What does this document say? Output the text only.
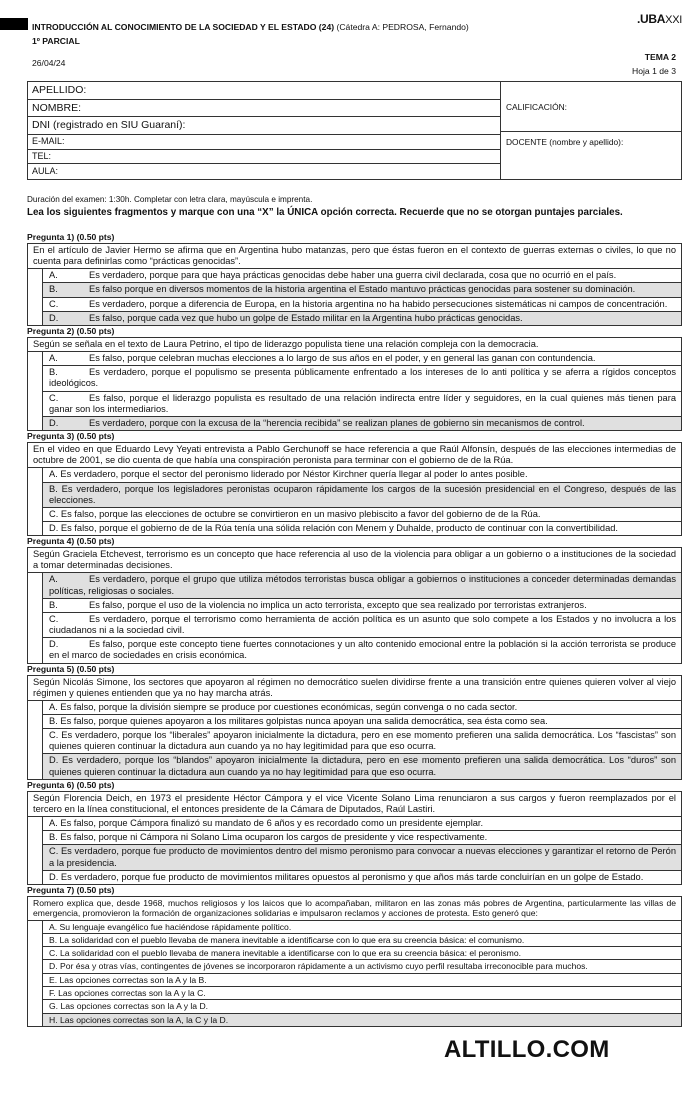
INTRODUCCIÓN AL CONOCIMIENTO DE LA SOCIEDAD Y EL ESTADO (24) (Cátedra A: PEDROSA, Fernando)
1º PARCIAL
26/04/24
.UBAXXI
TEMA 2
Hoja 1 de 3
APELLIDO:
NOMBRE:
DNI (registrado en SIU Guaraní):
E-MAIL:
TEL:
AULA:
CALIFICACIÓN:
DOCENTE (nombre y apellido):
Duración del examen: 1:30h. Completar con letra clara, mayúscula e imprenta.
Lea los siguientes fragmentos y marque con una “X” la ÚNICA opción correcta. Recuerde que no se otorgan puntajes parciales.
Pregunta 1) (0.50 pts)
En el artículo de Javier Hermo se afirma que en Argentina hubo matanzas, pero que éstas fueron en el contexto de guerras externas o civiles, lo que no cuenta para definirlas como “prácticas genocidas”.
A.	Es verdadero, porque para que haya prácticas genocidas debe haber una guerra civil declarada, cosa que no ocurrió en el país.
B.	Es falso porque en diversos momentos de la historia argentina el Estado mantuvo prácticas genocidas para sostener su dominación.
C.	Es verdadero, porque a diferencia de Europa, en la historia argentina no ha habido persecuciones sistemáticas ni campos de concentración.
D.	Es falso, porque cada vez que hubo un golpe de Estado militar en la Argentina hubo prácticas genocidas.
Pregunta 2) (0.50 pts)
Según se señala en el texto de Laura Petrino, el tipo de liderazgo populista tiene una relación compleja con la democracia.
A.	Es falso, porque celebran muchas elecciones a lo largo de sus años en el poder, y en general las ganan con contundencia.
B.	Es verdadero, porque el populismo se presenta públicamente enfrentado a los intereses de lo anti política y se aferra a rígidos conceptos ideológicos.
C.	Es falso, porque el liderazgo populista es resultado de una relación indirecta entre líder y seguidores, en la cual quienes más tienen para ganar son los intermediarios.
D.	Es verdadero, porque con la excusa de la “herencia recibida” se realizan planes de gobierno sin mecanismos de control.
Pregunta 3) (0.50 pts)
En el video en que Eduardo Levy Yeyati entrevista a Pablo Gerchunoff se hace referencia a que Raúl Alfonsín, después de las elecciones intermedias de octubre de 2001, se dio cuenta de que había una conspiración peronista para terminar con el gobierno de de la Rúa.
A. Es verdadero, porque el sector del peronismo liderado por Néstor Kirchner quería llegar al poder lo antes posible.
B. Es verdadero, porque los legisladores peronistas ocuparon rápidamente los cargos de la sucesión presidencial en el Congreso, después de las elecciones.
C. Es falso, porque las elecciones de octubre se convirtieron en un masivo plebiscito a favor del gobierno de de la Rúa.
D. Es falso, porque el gobierno de de la Rúa tenía una sólida relación con Menem y Duhalde, producto de continuar con la convertibilidad.
Pregunta 4) (0.50 pts)
Según Graciela Etchevest, terrorismo es un concepto que hace referencia al uso de la violencia para obligar a un gobierno o a instituciones de la sociedad a tomar determinadas decisiones.
A.	Es verdadero, porque el grupo que utiliza métodos terroristas busca obligar a gobiernos o instituciones a conceder determinadas demandas políticas, religiosas o sociales.
B.	Es falso, porque el uso de la violencia no implica un acto terrorista, excepto que sea realizado por terroristas extranjeros.
C.	Es verdadero, porque el terrorismo como herramienta de acción política es un asunto que solo compete a los Estados y no involucra a los ciudadanos ni a la sociedad civil.
D.	Es falso, porque este concepto tiene fuertes connotaciones y un alto contenido emocional entre la población si la acción terrorista se produce en el marco de sociedades en crisis económica.
Pregunta 5) (0.50 pts)
Según Nicolás Simone, los sectores que apoyaron al régimen no democrático suelen dividirse frente a una transición entre quienes quieren volver al viejo régimen y quienes entienden que ya no hay marcha atrás.
A. Es falso, porque la división siempre se produce por cuestiones económicas, según convenga o no cada sector.
B. Es falso, porque quienes apoyaron a los militares golpistas nunca apoyan una salida democrática, sea ésta como sea.
C. Es verdadero, porque los “liberales” apoyaron inicialmente la dictadura, pero en ese momento prefieren una salida democrática. Los “fascistas” son quienes quieren continuar la dictadura aun cuando ya no hay legitimidad para que eso ocurra.
D. Es verdadero, porque los “blandos” apoyaron inicialmente la dictadura, pero en ese momento prefieren una salida democrática. Los “duros” son quienes quieren continuar la dictadura aun cuando ya no hay legitimidad para que eso ocurra.
Pregunta 6) (0.50 pts)
Según Florencia Deich, en 1973 el presidente Héctor Cámpora y el vice Vicente Solano Lima renunciaron a sus cargos y fueron reemplazados por el tercero en la línea constitucional, el entonces presidente de la Cámara de Diputados, Raúl Lastiri.
A. Es falso, porque Cámpora finalizó su mandato de 6 años y es recordado como un presidente ejemplar.
B. Es falso, porque ni Cámpora ni Solano Lima ocuparon los cargos de presidente y vice respectivamente.
C. Es verdadero, porque fue producto de movimientos dentro del mismo peronismo para convocar a nuevas elecciones y garantizar el retorno de Perón a la presidencia.
D. Es verdadero, porque fue producto de movimientos militares opuestos al peronismo y que años más tarde concluirían en un golpe de Estado.
Pregunta 7) (0.50 pts)
Romero explica que, desde 1968, muchos religiosos y los laicos que lo acompañaban, militaron en las zonas más pobres de Argentina, particularmente las villas de emergencia, promovieron la formación de organizaciones solidarias e impulsaron reclamos y acciones de protesta. Esto generó que:
A. Su lenguaje evangélico fue haciéndose rápidamente político.
B. La solidaridad con el pueblo llevaba de manera inevitable a identificarse con lo que era su creencia básica: el comunismo.
C. La solidaridad con el pueblo llevaba de manera inevitable a identificarse con lo que era su creencia básica: el peronismo.
D. Por ésa y otras vías, contingentes de jóvenes se incorporaron rápidamente a un activismo cuyo perfil resultaba irreconocible para muchos.
E. Las opciones correctas son la A y la B.
F. Las opciones correctas son la A y la C.
G. Las opciones correctas son la A y la D.
H. Las opciones correctas son la A, la C y la D.
ALTILLO.COM
